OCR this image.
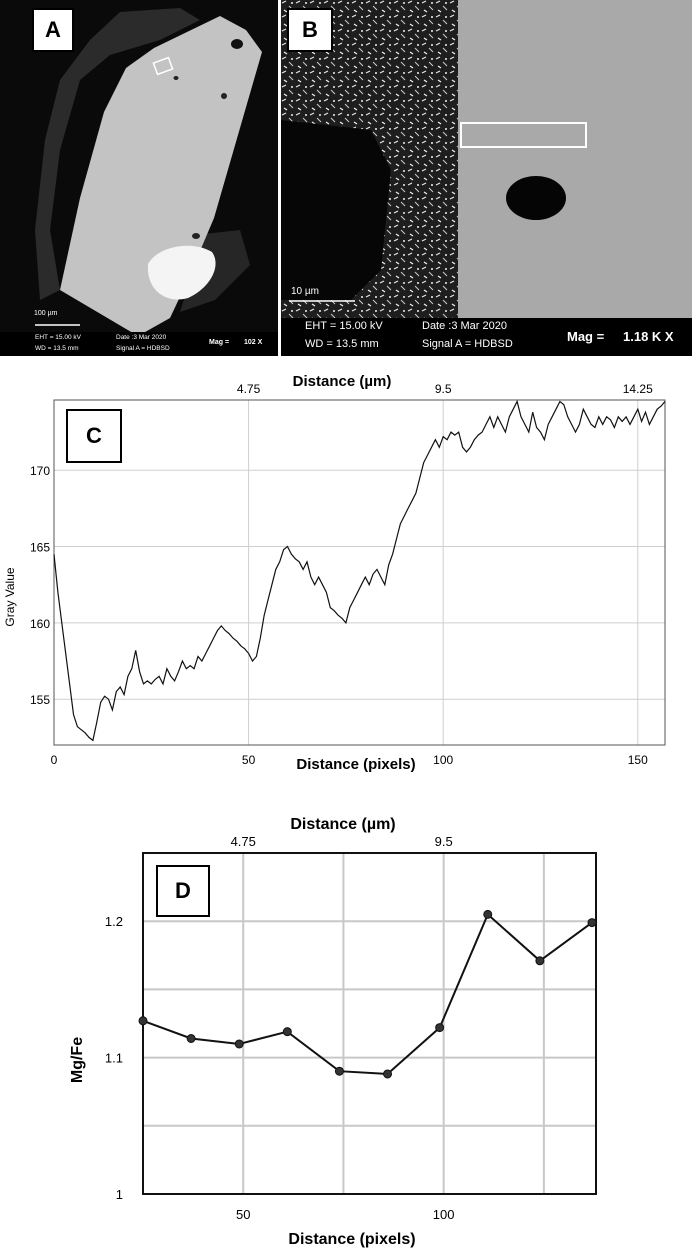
A
100 µm
EHT = 15.00 kV
WD = 13.5 mm
Date :3 Mar 2020
Signal A = HDBSD
Mag = 102 X
B
10 µm
EHT = 15.00 kV
WD = 13.5 mm
Date :3 Mar 2020
Signal A = HDBSD	Mag = 1.18 K X
0	50	100	150
155
160
165
170
4.75	9.5	14.25
Distance (pixels)
Distance (µm)
Gray Value
C
50	100
1
1.1
1.2
4.75	9.5
Distance (pixels)
Distance (µm)
Mg/Fe
D
